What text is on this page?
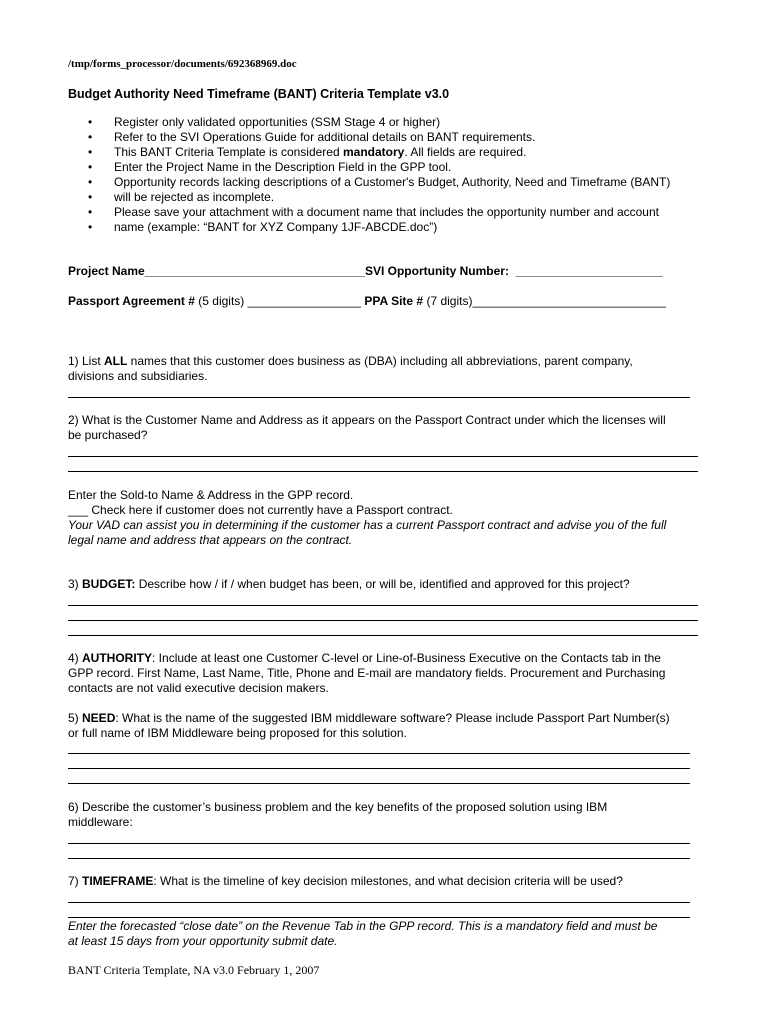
/tmp/forms_processor/documents/692368969.doc
Budget Authority Need Timeframe (BANT) Criteria Template v3.0
• Register only validated opportunities (SSM Stage 4 or higher)
• Refer to the SVI Operations Guide for additional details on BANT requirements.
• This BANT Criteria Template is considered mandatory. All fields are required.
• Enter the Project Name in the Description Field in the GPP tool.
• Opportunity records lacking descriptions of a Customer's Budget, Authority, Need and Timeframe (BANT)
• will be rejected as incomplete.
• Please save your attachment with a document name that includes the opportunity number and account
• name (example: “BANT for XYZ Company 1JF-ABCDE.doc”)
Project Name_________________________________SVI Opportunity Number: ______________________
Passport Agreement # (5 digits) _________________ PPA Site # (7 digits)_____________________________
1) List ALL names that this customer does business as (DBA) including all abbreviations, parent company,
divisions and subsidiaries.
2) What is the Customer Name and Address as it appears on the Passport Contract under which the licenses will
be purchased?
Enter the Sold-to Name & Address in the GPP record.
___ Check here if customer does not currently have a Passport contract.
Your VAD can assist you in determining if the customer has a current Passport contract and advise you of the full
legal name and address that appears on the contract.
3) BUDGET: Describe how / if / when budget has been, or will be, identified and approved for this project?
4) AUTHORITY: Include at least one Customer C-level or Line-of-Business Executive on the Contacts tab in the
GPP record. First Name, Last Name, Title, Phone and E-mail are mandatory fields. Procurement and Purchasing
contacts are not valid executive decision makers.
5) NEED: What is the name of the suggested IBM middleware software? Please include Passport Part Number(s)
or full name of IBM Middleware being proposed for this solution.
6) Describe the customer’s business problem and the key benefits of the proposed solution using IBM
middleware:
7) TIMEFRAME: What is the timeline of key decision milestones, and what decision criteria will be used?
Enter the forecasted “close date” on the Revenue Tab in the GPP record. This is a mandatory field and must be
at least 15 days from your opportunity submit date.
BANT Criteria Template, NA v3.0 February 1, 2007
